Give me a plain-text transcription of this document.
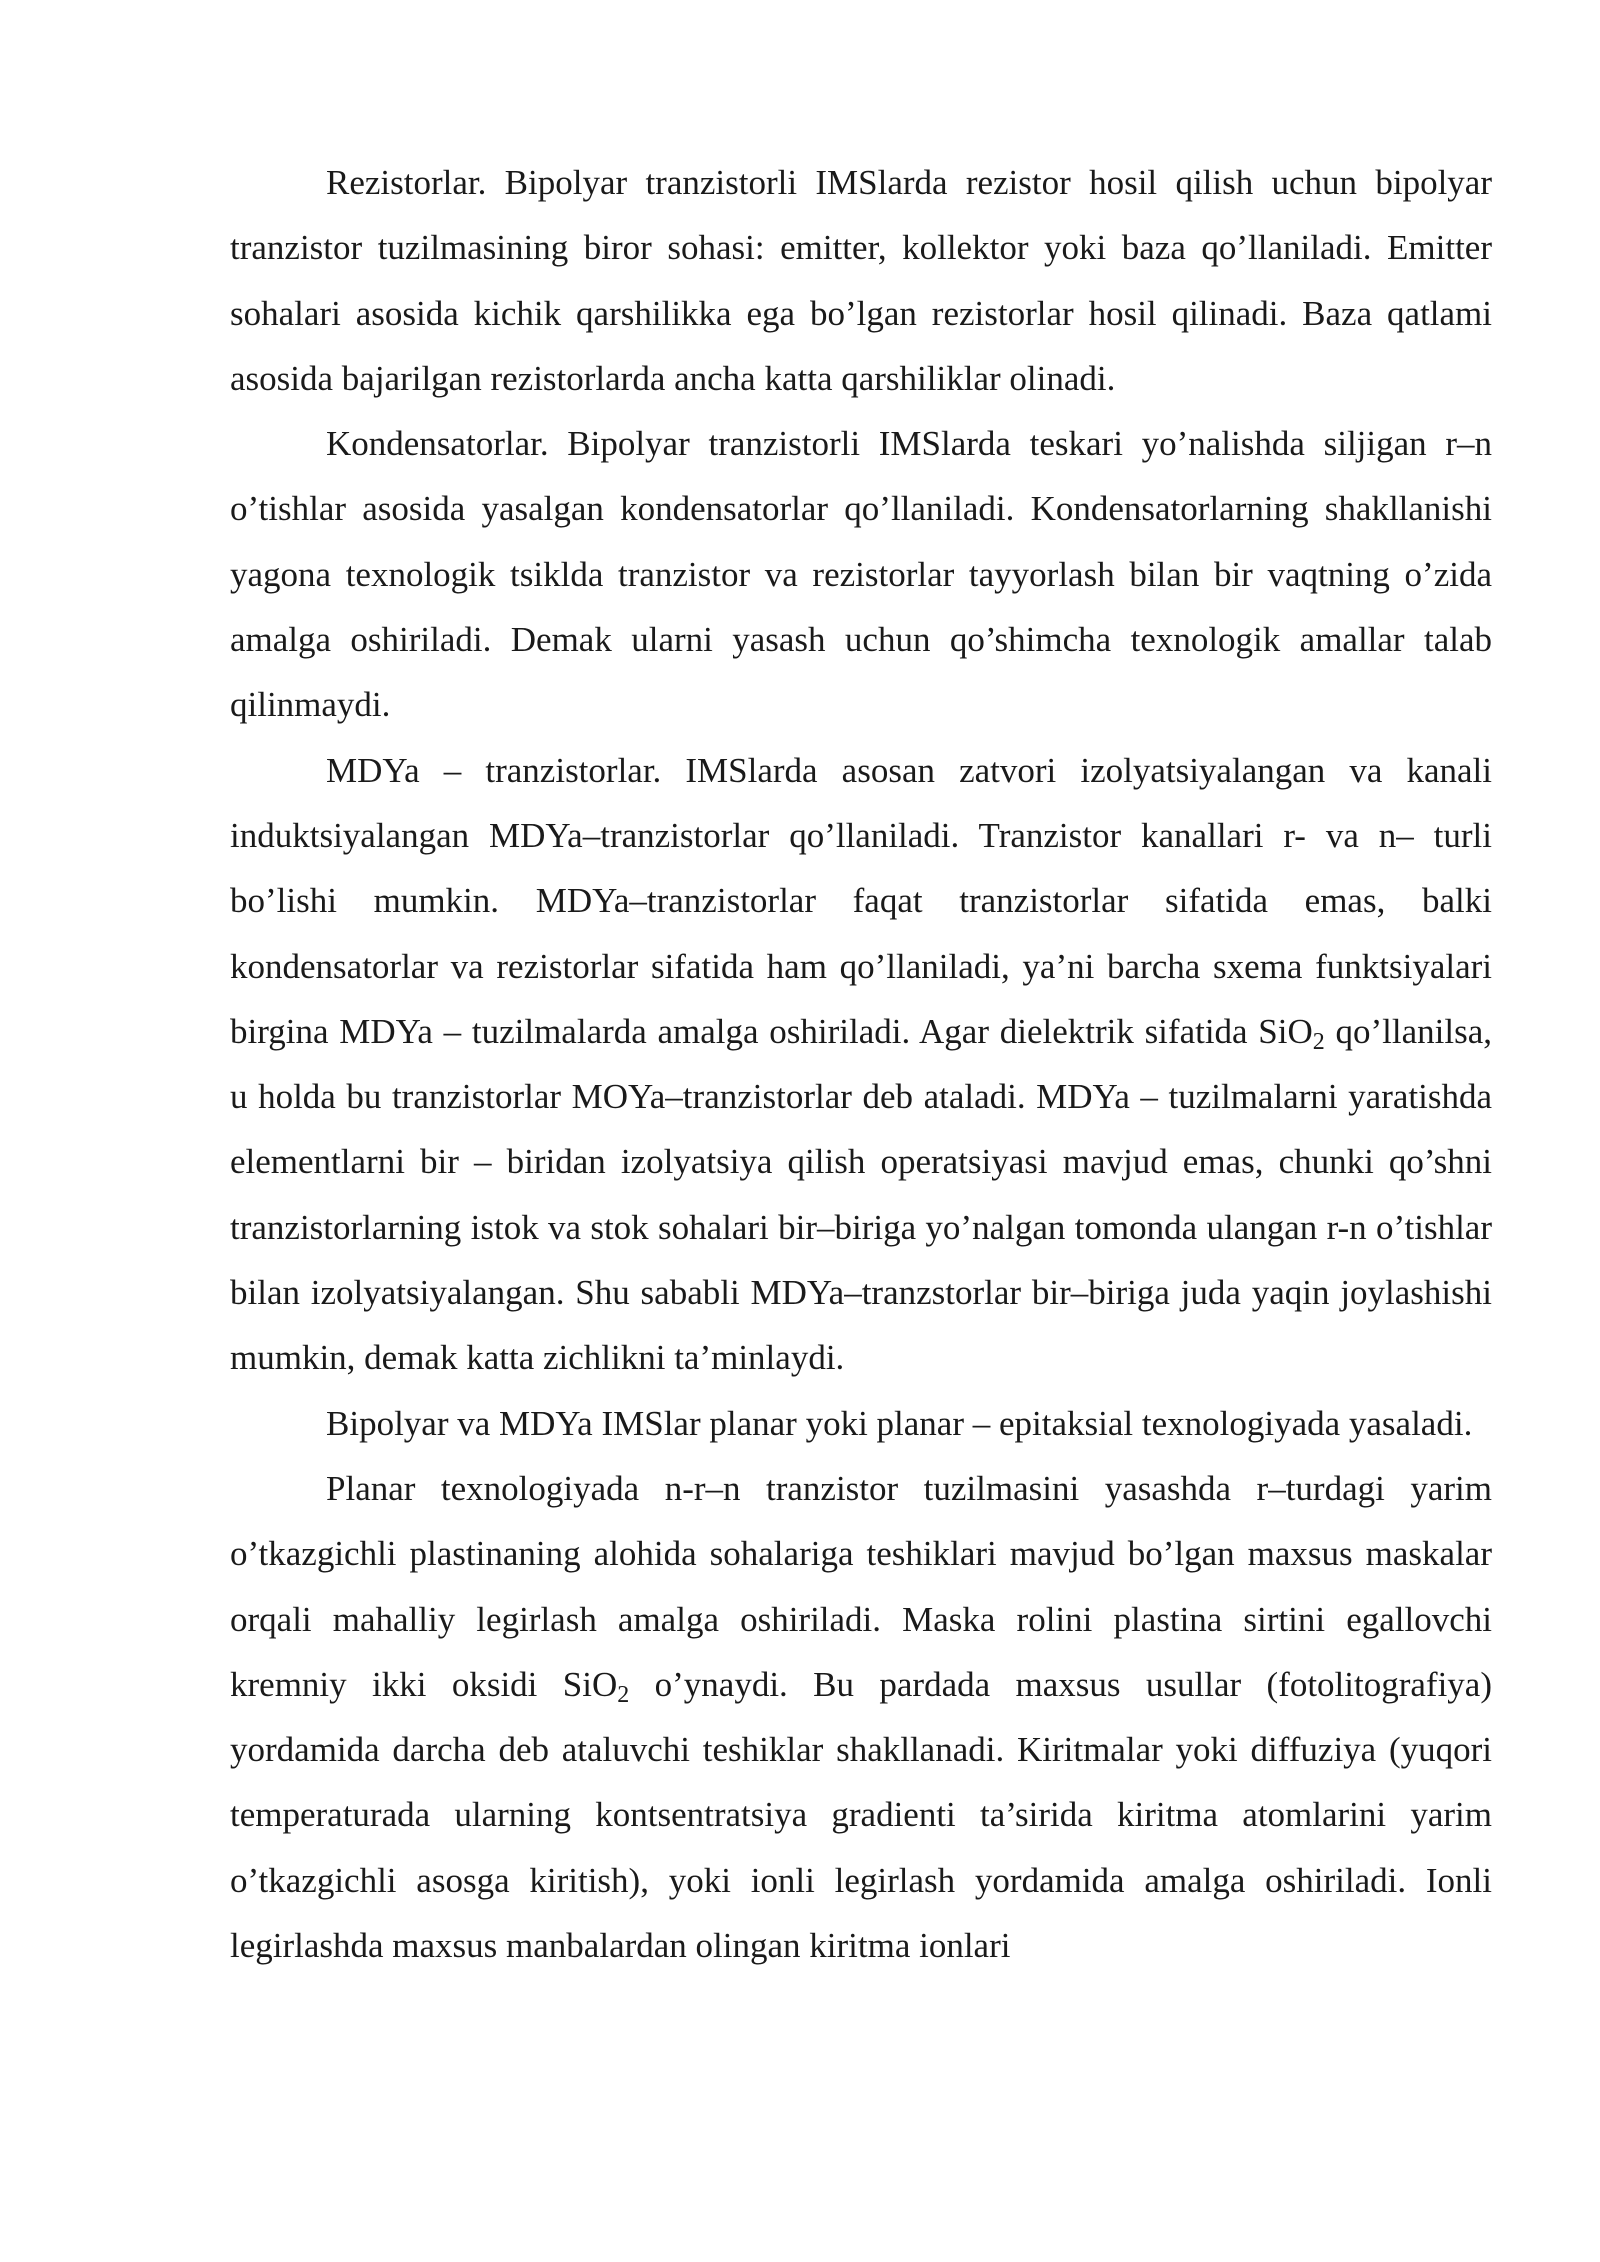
Rezistorlar. Bipolyar tranzistorli IMSlarda rezistor hosil qilish uchun bipolyar tranzistor tuzilmasining biror sohasi: emitter, kollektor yoki baza qo’llaniladi. Emitter sohalari asosida kichik qarshilikka ega bo’lgan rezistorlar hosil qilinadi. Baza qatlami asosida bajarilgan rezistorlarda ancha katta qarshiliklar olinadi.

Kondensatorlar. Bipolyar tranzistorli IMSlarda teskari yo’nalishda siljigan r–n o’tishlar asosida yasalgan kondensatorlar qo’llaniladi. Kondensatorlarning shakllanishi yagona texnologik tsiklda tranzistor va rezistorlar tayyorlash bilan bir vaqtning o’zida amalga oshiriladi. Demak ularni yasash uchun qo’shimcha texnologik amallar talab qilinmaydi.

MDYa – tranzistorlar. IMSlarda asosan zatvori izolyatsiyalangan va kanali induktsiyalangan MDYa–tranzistorlar qo’llaniladi. Tranzistor kanallari r- va n– turli bo’lishi mumkin. MDYa–tranzistorlar faqat tranzistorlar sifatida emas, balki kondensatorlar va rezistorlar sifatida ham qo’llaniladi, ya’ni barcha sxema funktsiyalari birgina MDYa – tuzilmalarda amalga oshiriladi. Agar dielektrik sifatida SiO$_2$ qo’llanilsa, u holda bu tranzistorlar MOYa–tranzistorlar deb ataladi. MDYa – tuzilmalarni yaratishda elementlarni bir – biridan izolyatsiya qilish operatsiyasi mavjud emas, chunki qo’shni tranzistorlarning istok va stok sohalari bir–biriga yo’nalgan tomonda ulangan r-n o’tishlar bilan izolyatsiyalangan. Shu sababli MDYa–tranzstorlar bir–biriga juda yaqin joylashishi mumkin, demak katta zichlikni ta’minlaydi.

Bipolyar va MDYa IMSlar planar yoki planar – epitaksial texnologiyada yasaladi.

Planar texnologiyada n-r–n tranzistor tuzilmasini yasashda r–turdagi yarim o’tkazgichli plastinaning alohida sohalariga teshiklari mavjud bo’lgan maxsus maskalar orqali mahalliy legirlash amalga oshiriladi. Maska rolini plastina sirtini egallovchi kremniy ikki oksidi SiO$_2$ o’ynaydi. Bu pardada maxsus usullar (fotolitografiya) yordamida darcha deb ataluvchi teshiklar shakllanadi. Kiritmalar yoki diffuziya (yuqori temperaturada ularning kontsentratsiya gradienti ta’sirida kiritma atomlarini yarim o’tkazgichli asosga kiritish), yoki ionli legirlash yordamida amalga oshiriladi. Ionli legirlashda maxsus manbalardan olingan kiritma ionlari
